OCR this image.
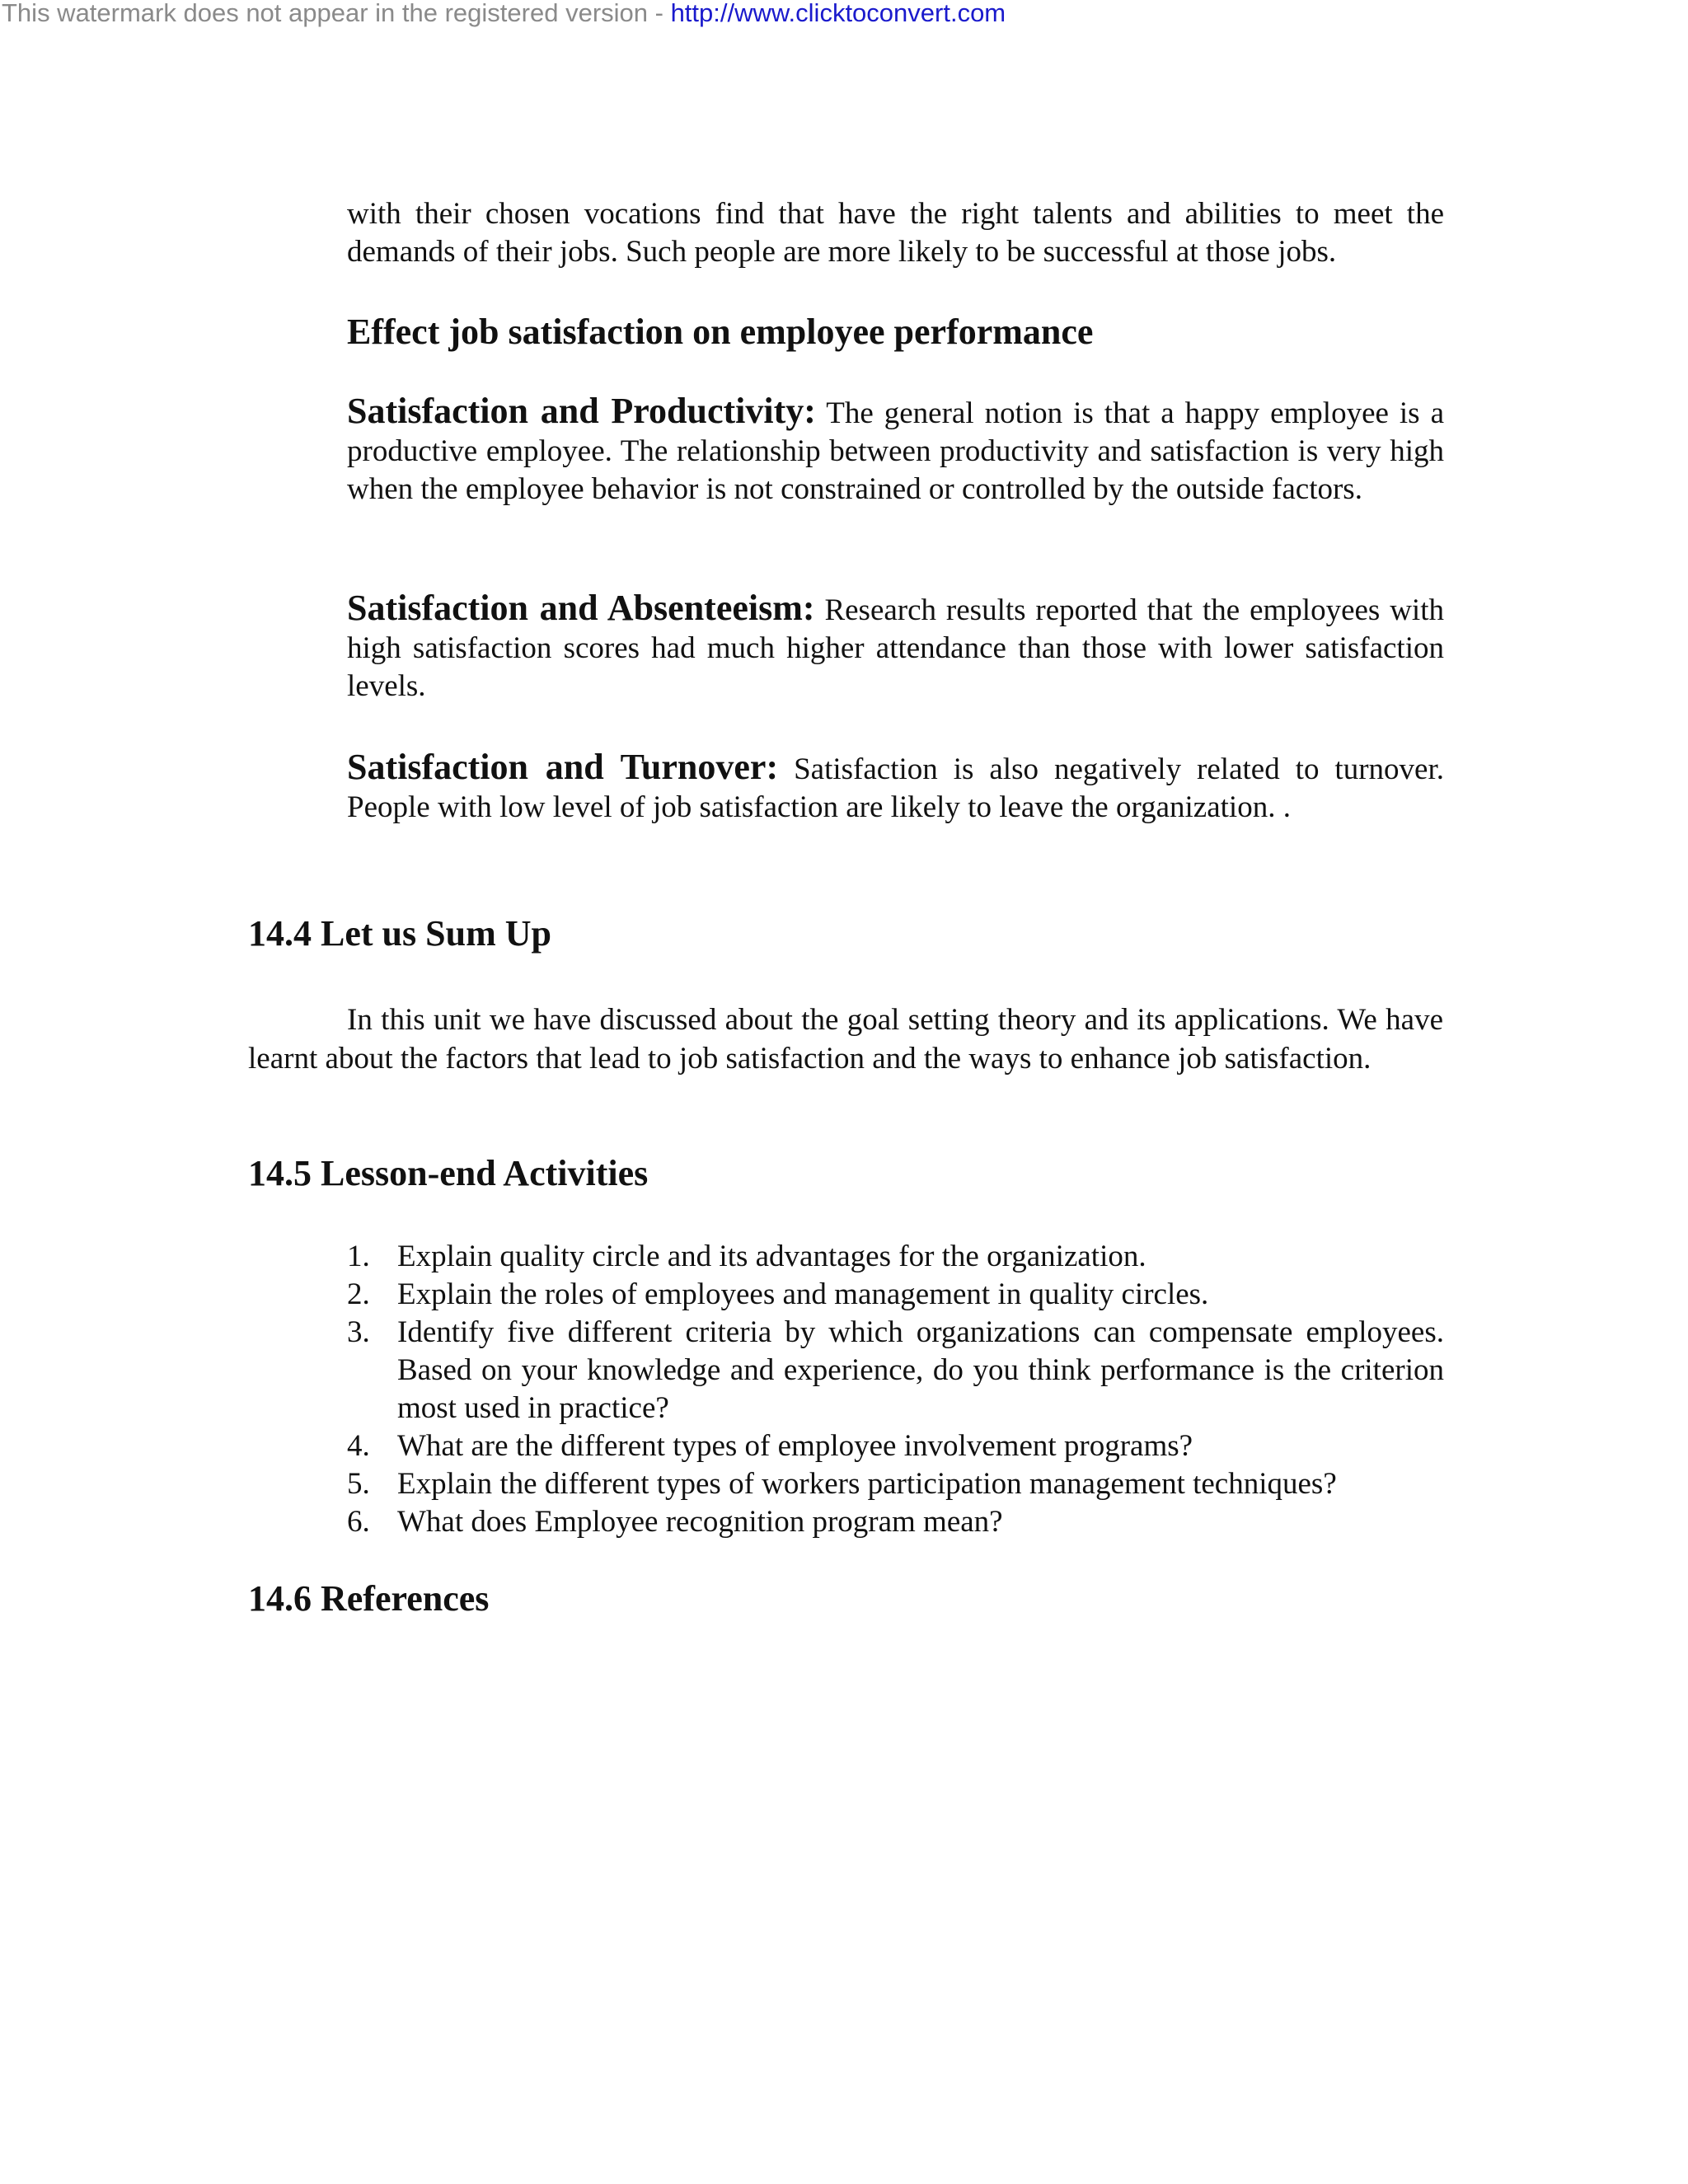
This watermark does not appear in the registered version - http://www.clicktoconvert.com

with their chosen vocations find that have the right talents and abilities to meet the demands of their jobs. Such people are more likely to be successful at those jobs.

Effect job satisfaction on employee performance

Satisfaction and Productivity: The general notion is that a happy employee is a productive employee. The relationship between productivity and satisfaction is very high when the employee behavior is not constrained or controlled by the outside factors.

Satisfaction and Absenteeism: Research results reported that the employees with high satisfaction scores had much higher attendance than those with lower satisfaction levels.

Satisfaction and Turnover: Satisfaction is also negatively related to turnover. People with low level of job satisfaction are likely to leave the organization. .

14.4 Let us Sum Up

In this unit we have discussed about the goal setting theory and its applications. We have learnt about the factors that lead to job satisfaction and the ways to enhance job satisfaction.

14.5 Lesson-end Activities
1. Explain quality circle and its advantages for the organization.
2. Explain the roles of employees and management in quality circles.
3. Identify five different criteria by which organizations can compensate employees. Based on your knowledge and experience, do you think performance is the criterion most used in practice?
4. What are the different types of employee involvement programs?
5. Explain the different types of workers participation management techniques?
6. What does Employee recognition program mean?
14.6 References
